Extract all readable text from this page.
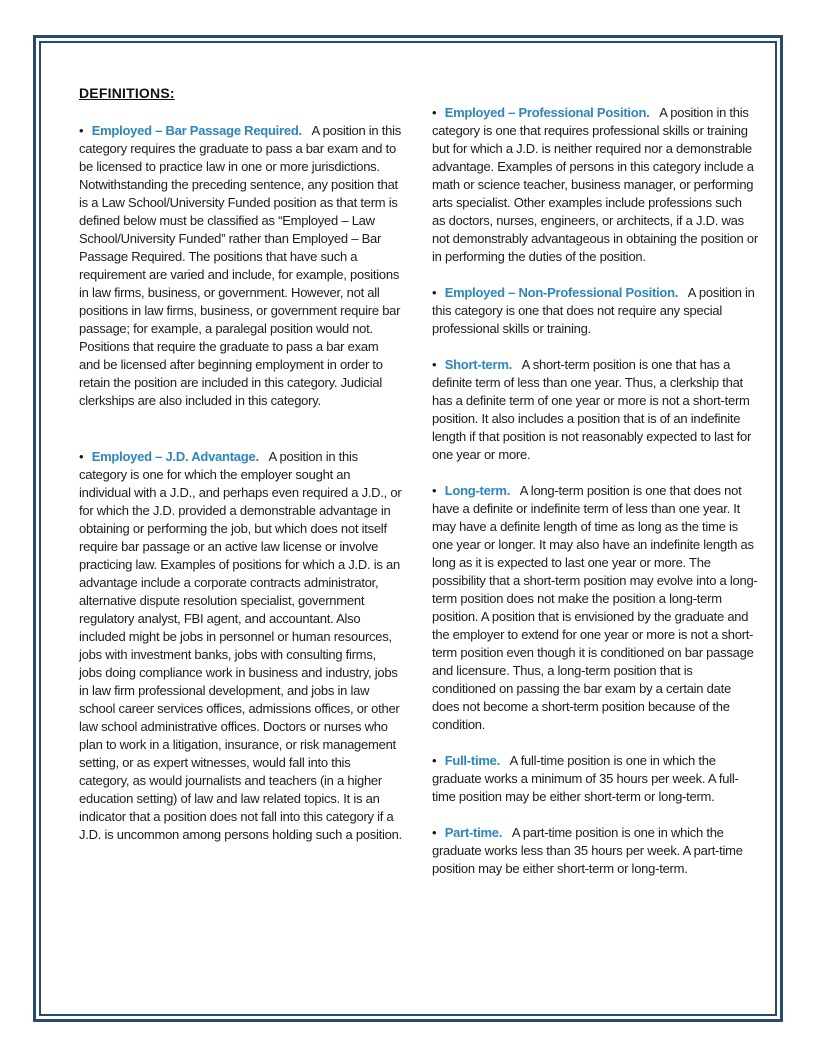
DEFINITIONS:

• Employed – Bar Passage Required. A position in this category requires the graduate to pass a bar exam and to be licensed to practice law in one or more jurisdictions. Notwithstanding the preceding sentence, any position that is a Law School/University Funded position as that term is defined below must be classified as “Employed – Law School/University Funded” rather than Employed – Bar Passage Required. The positions that have such a requirement are varied and include, for example, positions in law firms, business, or government. However, not all positions in law firms, business, or government require bar passage; for example, a paralegal position would not. Positions that require the graduate to pass a bar exam and be licensed after beginning employment in order to retain the position are included in this category. Judicial clerkships are also included in this category.

• Employed – J.D. Advantage. A position in this category is one for which the employer sought an individual with a J.D., and perhaps even required a J.D., or for which the J.D. provided a demonstrable advantage in obtaining or performing the job, but which does not itself require bar passage or an active law license or involve practicing law. Examples of positions for which a J.D. is an advantage include a corporate contracts administrator, alternative dispute resolution specialist, government regulatory analyst, FBI agent, and accountant. Also included might be jobs in personnel or human resources, jobs with investment banks, jobs with consulting firms, jobs doing compliance work in business and industry, jobs in law firm professional development, and jobs in law school career services offices, admissions offices, or other law school administrative offices. Doctors or nurses who plan to work in a litigation, insurance, or risk management setting, or as expert witnesses, would fall into this category, as would journalists and teachers (in a higher education setting) of law and law related topics. It is an indicator that a position does not fall into this category if a J.D. is uncommon among persons holding such a position.

• Employed – Professional Position. A position in this category is one that requires professional skills or training but for which a J.D. is neither required nor a demonstrable advantage. Examples of persons in this category include a math or science teacher, business manager, or performing arts specialist. Other examples include professions such as doctors, nurses, engineers, or architects, if a J.D. was not demonstrably advantageous in obtaining the position or in performing the duties of the position.

• Employed – Non-Professional Position. A position in this category is one that does not require any special professional skills or training.

• Short-term. A short-term position is one that has a definite term of less than one year. Thus, a clerkship that has a definite term of one year or more is not a short-term position. It also includes a position that is of an indefinite length if that position is not reasonably expected to last for one year or more.

• Long-term. A long-term position is one that does not have a definite or indefinite term of less than one year. It may have a definite length of time as long as the time is one year or longer. It may also have an indefinite length as long as it is expected to last one year or more. The possibility that a short-term position may evolve into a long-term position does not make the position a long-term position. A position that is envisioned by the graduate and the employer to extend for one year or more is not a short-term position even though it is conditioned on bar passage and licensure. Thus, a long-term position that is conditioned on passing the bar exam by a certain date does not become a short-term position because of the condition.

• Full-time. A full-time position is one in which the graduate works a minimum of 35 hours per week. A full-time position may be either short-term or long-term.

• Part-time. A part-time position is one in which the graduate works less than 35 hours per week. A part-time position may be either short-term or long-term.
